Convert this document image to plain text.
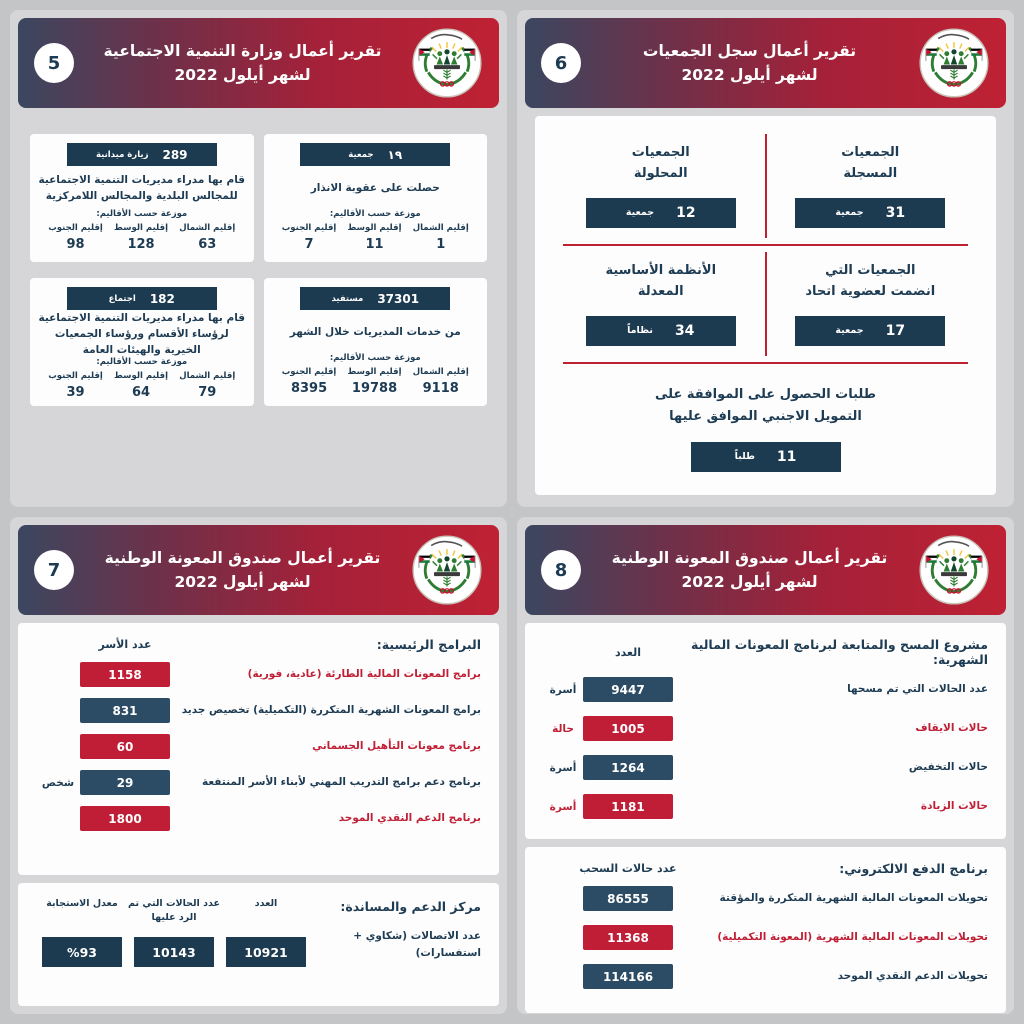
5
تقرير أعمال وزارة التنمية الاجتماعية
لشهر أيلول 2022
289
زيارة ميدانية
قام بها مدراء مديريات التنمية الاجتماعية للمجالس البلدية والمجالس اللامركزية
موزعة حسب الأقاليم:
إقليم الشمال
63
إقليم الوسط
128
إقليم الجنوب
98
١٩
جمعية
حصلت على عقوبة الانذار
موزعة حسب الأقاليم:
إقليم الشمال
1
إقليم الوسط
11
إقليم الجنوب
7
182
اجتماع
قام بها مدراء مديريات التنمية الاجتماعية لرؤساء الأقسام ورؤساء الجمعيات الخيرية والهيئات العامة
موزعة حسب الأقاليم:
إقليم الشمال
79
إقليم الوسط
64
إقليم الجنوب
39
37301
مستفيد
من خدمات المديريات خلال الشهر
موزعة حسب الأقاليم:
إقليم الشمال
9118
إقليم الوسط
19788
إقليم الجنوب
8395
6
تقرير أعمال سجل الجمعيات
لشهر أيلول 2022
الجمعيات
المسجلة
31
جمعية
الجمعيات
المحلولة
12
جمعية
الجمعيات التي
انضمت لعضوية اتحاد
17
جمعية
الأنظمة الأساسية
المعدلة
34
نظاماً
طلبات الحصول على الموافقة على
التمويل الاجنبي الموافق عليها
11
طلباً
7
تقرير أعمال صندوق المعونة الوطنية
لشهر أيلول 2022
البرامج الرئيسية:
عدد الأسر
برامج المعونات المالية الطارئة (عادية، فورية)
1158
برامج المعونات الشهرية المتكررة (التكميلية) تخصيص جديد
831
برنامج معونات التأهيل الجسماني
60
برنامج دعم برامج التدريب المهني لأبناء الأسر المنتفعة
29
شخص
برنامج الدعم النقدي الموحد
1800
مركز الدعم والمساندة:
عدد الاتصالات (شكاوي + استفسارات)
العدد
10921
عدد الحالات التي تم الرد عليها
10143
معدل الاستجابة
%93
8
تقرير أعمال صندوق المعونة الوطنية
لشهر أيلول 2022
مشروع المسح والمتابعة لبرنامج المعونات المالية الشهرية:
العدد
عدد الحالات التي تم مسحها
9447
أسرة
حالات الايقاف
1005
حالة
حالات التخفيض
1264
أسرة
حالات الزيادة
1181
أسرة
برنامج الدفع الالكتروني:
عدد حالات السحب
تحويلات المعونات المالية الشهرية المتكررة والمؤقتة
86555
تحويلات المعونات المالية الشهرية (المعونة التكميلية)
11368
تحويلات الدعم النقدي الموحد
114166
